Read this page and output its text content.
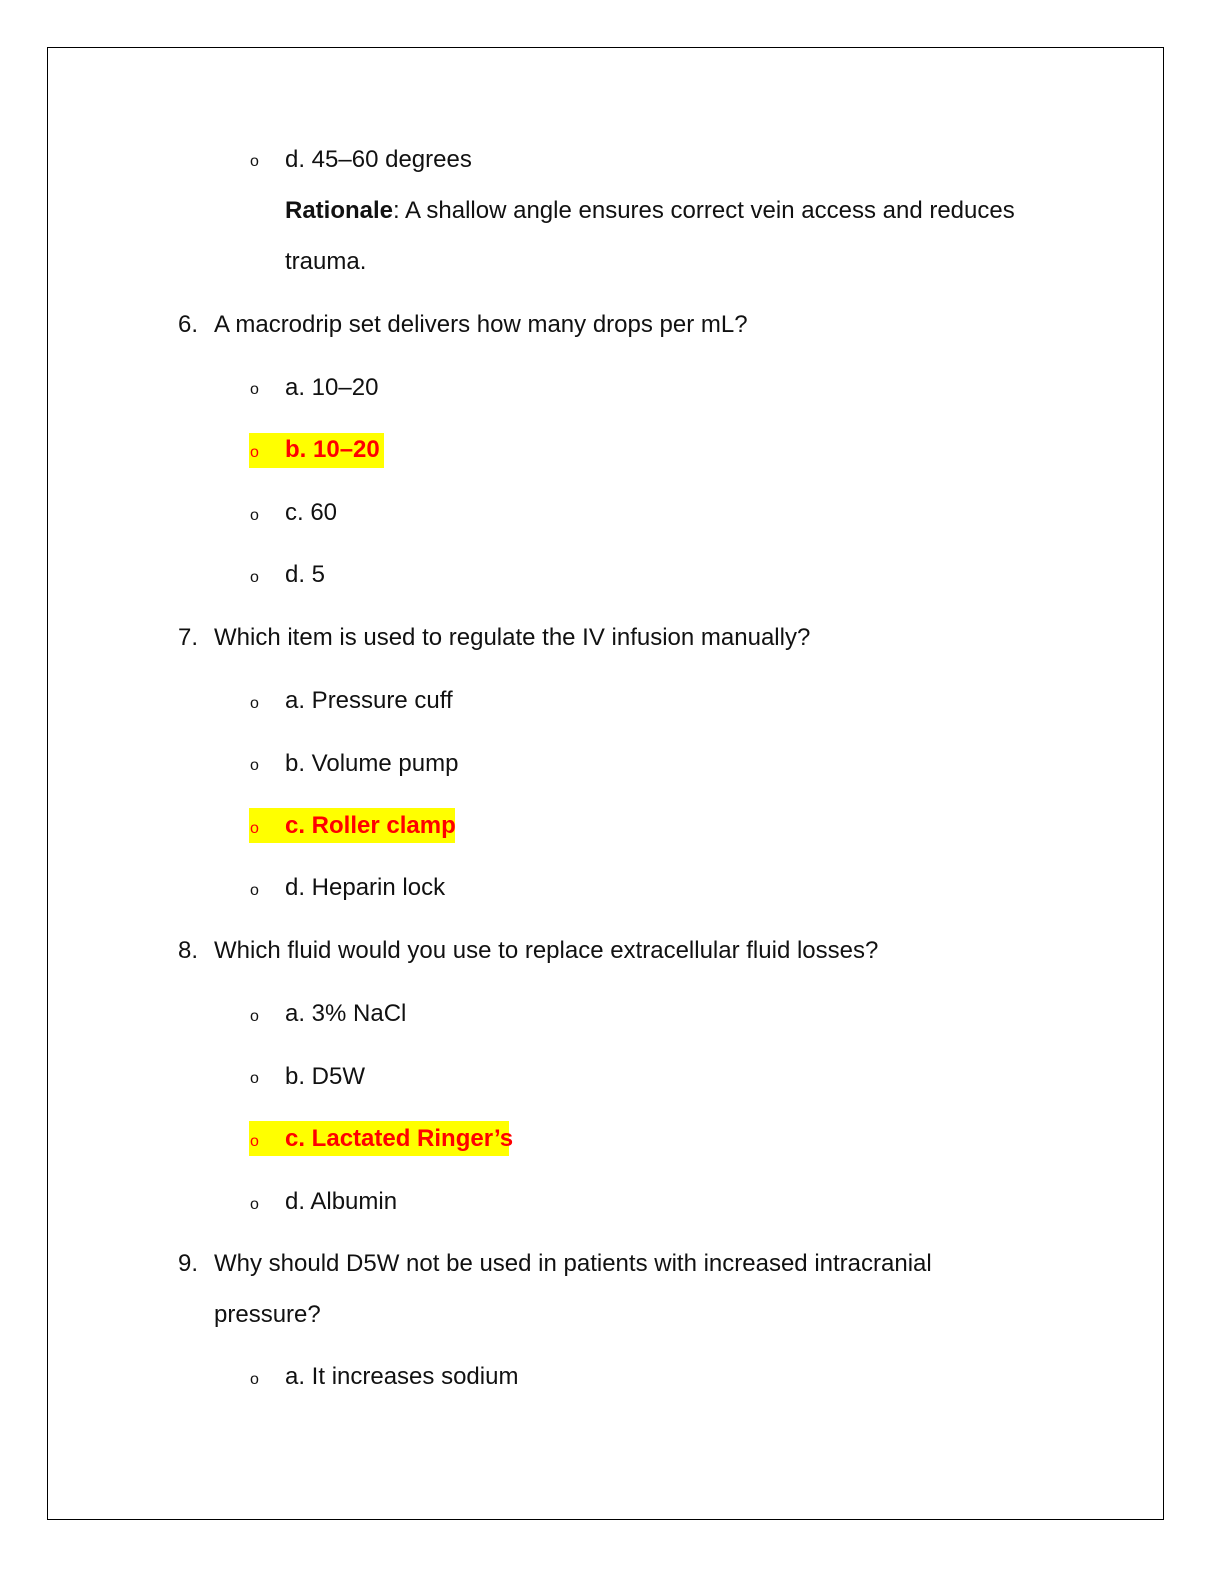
o d. 45–60 degrees
Rationale: A shallow angle ensures correct vein access and reduces
trauma.
6. A macrodrip set delivers how many drops per mL?
o a. 10–20
o b. 10–20
o c. 60
o d. 5
7. Which item is used to regulate the IV infusion manually?
o a. Pressure cuff
o b. Volume pump
o c. Roller clamp
o d. Heparin lock
8. Which fluid would you use to replace extracellular fluid losses?
o a. 3% NaCl
o b. D5W
o c. Lactated Ringer’s
o d. Albumin
9. Why should D5W not be used in patients with increased intracranial
pressure?
o a. It increases sodium
